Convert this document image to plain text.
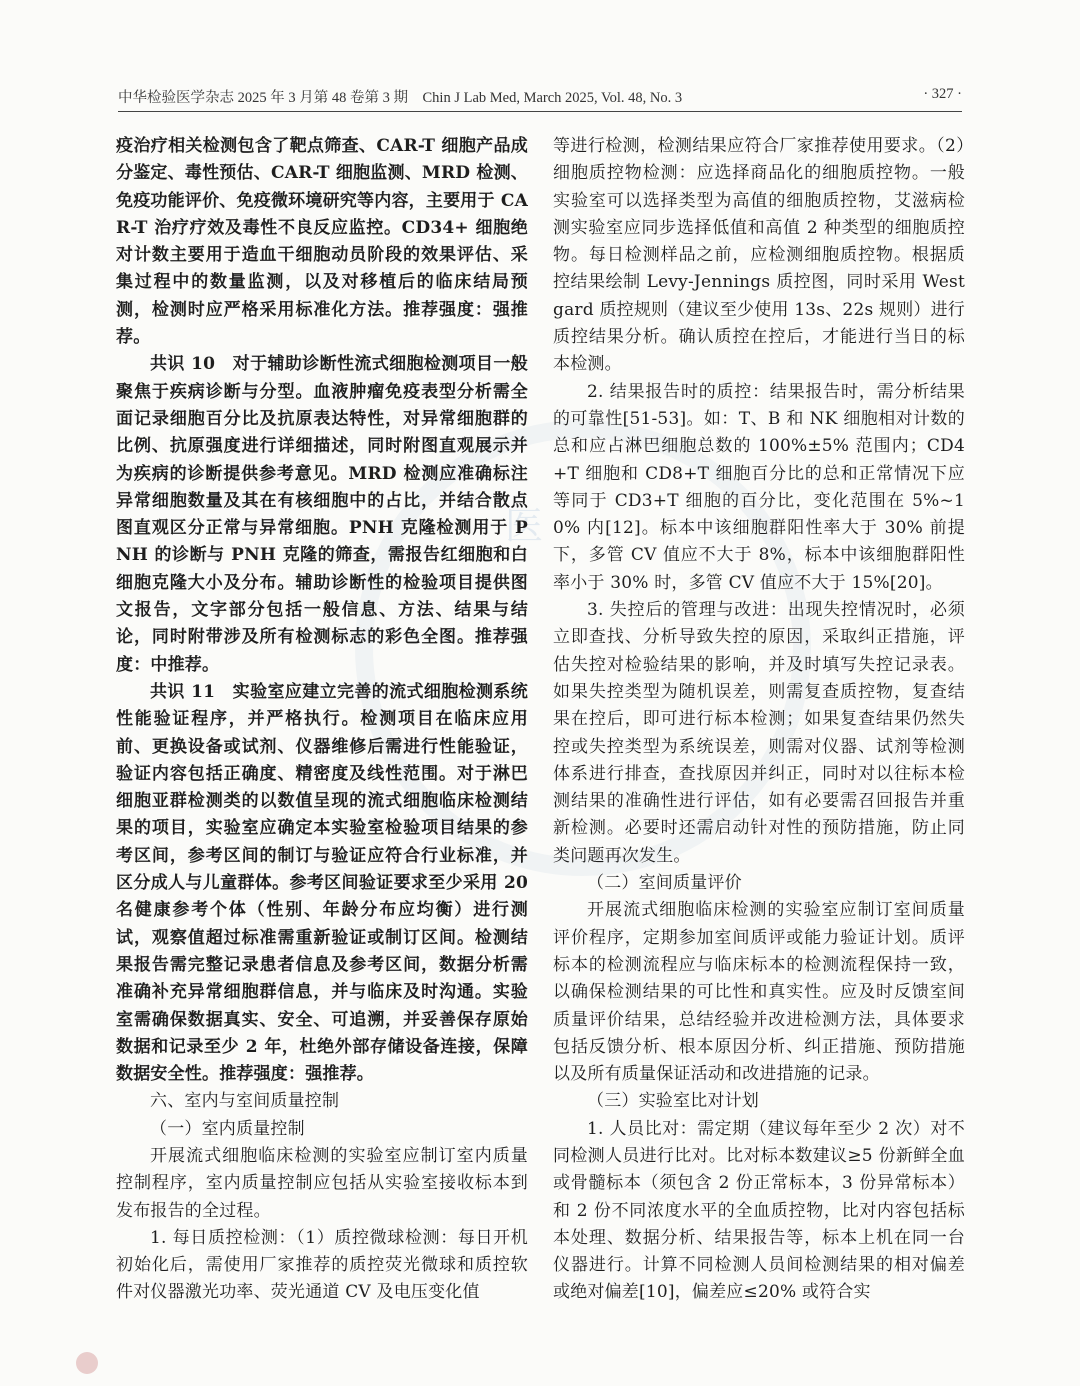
中华检验医学杂志 2025 年 3 月第 48 卷第 3 期　Chin J Lab Med, March 2025, Vol. 48, No. 3	· 327 ·
医

疫治疗相关检测包含了靶点筛查、CAR-T 细胞产品成分鉴定、毒性预估、CAR-T 细胞监测、MRD 检测、免疫功能评价、免疫微环境研究等内容，主要用于 CAR-T 治疗疗效及毒性不良反应监控。CD34+ 细胞绝对计数主要用于造血干细胞动员阶段的效果评估、采集过程中的数量监测，以及对移植后的临床结局预测，检测时应严格采用标准化方法。推荐强度：强推荐。

共识 10　对于辅助诊断性流式细胞检测项目一般聚焦于疾病诊断与分型。血液肿瘤免疫表型分析需全面记录细胞百分比及抗原表达特性，对异常细胞群的比例、抗原强度进行详细描述，同时附图直观展示并为疾病的诊断提供参考意见。MRD 检测应准确标注异常细胞数量及其在有核细胞中的占比，并结合散点图直观区分正常与异常细胞。PNH 克隆检测用于 PNH 的诊断与 PNH 克隆的筛查，需报告红细胞和白细胞克隆大小及分布。辅助诊断性的检验项目提供图文报告，文字部分包括一般信息、方法、结果与结论，同时附带涉及所有检测标志的彩色全图。推荐强度：中推荐。

共识 11　实验室应建立完善的流式细胞检测系统性能验证程序，并严格执行。检测项目在临床应用前、更换设备或试剂、仪器维修后需进行性能验证，验证内容包括正确度、精密度及线性范围。对于淋巴细胞亚群检测类的以数值呈现的流式细胞临床检测结果的项目，实验室应确定本实验室检验项目结果的参考区间，参考区间的制订与验证应符合行业标准，并区分成人与儿童群体。参考区间验证要求至少采用 20 名健康参考个体（性别、年龄分布应均衡）进行测试，观察值超过标准需重新验证或制订区间。检测结果报告需完整记录患者信息及参考区间，数据分析需准确补充异常细胞群信息，并与临床及时沟通。实验室需确保数据真实、安全、可追溯，并妥善保存原始数据和记录至少 2 年，杜绝外部存储设备连接，保障数据安全性。推荐强度：强推荐。

六、室内与室间质量控制

（一）室内质量控制

开展流式细胞临床检测的实验室应制订室内质量控制程序，室内质量控制应包括从实验室接收标本到发布报告的全过程。

1. 每日质控检测：（1）质控微球检测：每日开机初始化后，需使用厂家推荐的质控荧光微球和质控软件对仪器激光功率、荧光通道 CV 及电压变化值

等进行检测，检测结果应符合厂家推荐使用要求。（2）细胞质控物检测：应选择商品化的细胞质控物。一般实验室可以选择类型为高值的细胞质控物，艾滋病检测实验室应同步选择低值和高值 2 种类型的细胞质控物。每日检测样品之前，应检测细胞质控物。根据质控结果绘制 Levy-Jennings 质控图，同时采用 Westgard 质控规则（建议至少使用 13s、22s 规则）进行质控结果分析。确认质控在控后，才能进行当日的标本检测。

2. 结果报告时的质控：结果报告时，需分析结果的可靠性[51-53]。如：T、B 和 NK 细胞相对计数的总和应占淋巴细胞总数的 100%±5% 范围内；CD4+T 细胞和 CD8+T 细胞百分比的总和正常情况下应等同于 CD3+T 细胞的百分比，变化范围在 5%~10% 内[12]。标本中该细胞群阳性率大于 30% 前提下，多管 CV 值应不大于 8%，标本中该细胞群阳性率小于 30% 时，多管 CV 值应不大于 15%[20]。

3. 失控后的管理与改进：出现失控情况时，必须立即查找、分析导致失控的原因，采取纠正措施，评估失控对检验结果的影响，并及时填写失控记录表。如果失控类型为随机误差，则需复查质控物，复查结果在控后，即可进行标本检测；如果复查结果仍然失控或失控类型为系统误差，则需对仪器、试剂等检测体系进行排查，查找原因并纠正，同时对以往标本检测结果的准确性进行评估，如有必要需召回报告并重新检测。必要时还需启动针对性的预防措施，防止同类问题再次发生。

（二）室间质量评价

开展流式细胞临床检测的实验室应制订室间质量评价程序，定期参加室间质评或能力验证计划。质评标本的检测流程应与临床标本的检测流程保持一致，以确保检测结果的可比性和真实性。应及时反馈室间质量评价结果，总结经验并改进检测方法，具体要求包括反馈分析、根本原因分析、纠正措施、预防措施以及所有质量保证活动和改进措施的记录。

（三）实验室比对计划

1. 人员比对：需定期（建议每年至少 2 次）对不同检测人员进行比对。比对标本数建议≥5 份新鲜全血或骨髓标本（须包含 2 份正常标本，3 份异常标本）和 2 份不同浓度水平的全血质控物，比对内容包括标本处理、数据分析、结果报告等，标本上机在同一台仪器进行。计算不同检测人员间检测结果的相对偏差或绝对偏差[10]，偏差应≤20% 或符合实
